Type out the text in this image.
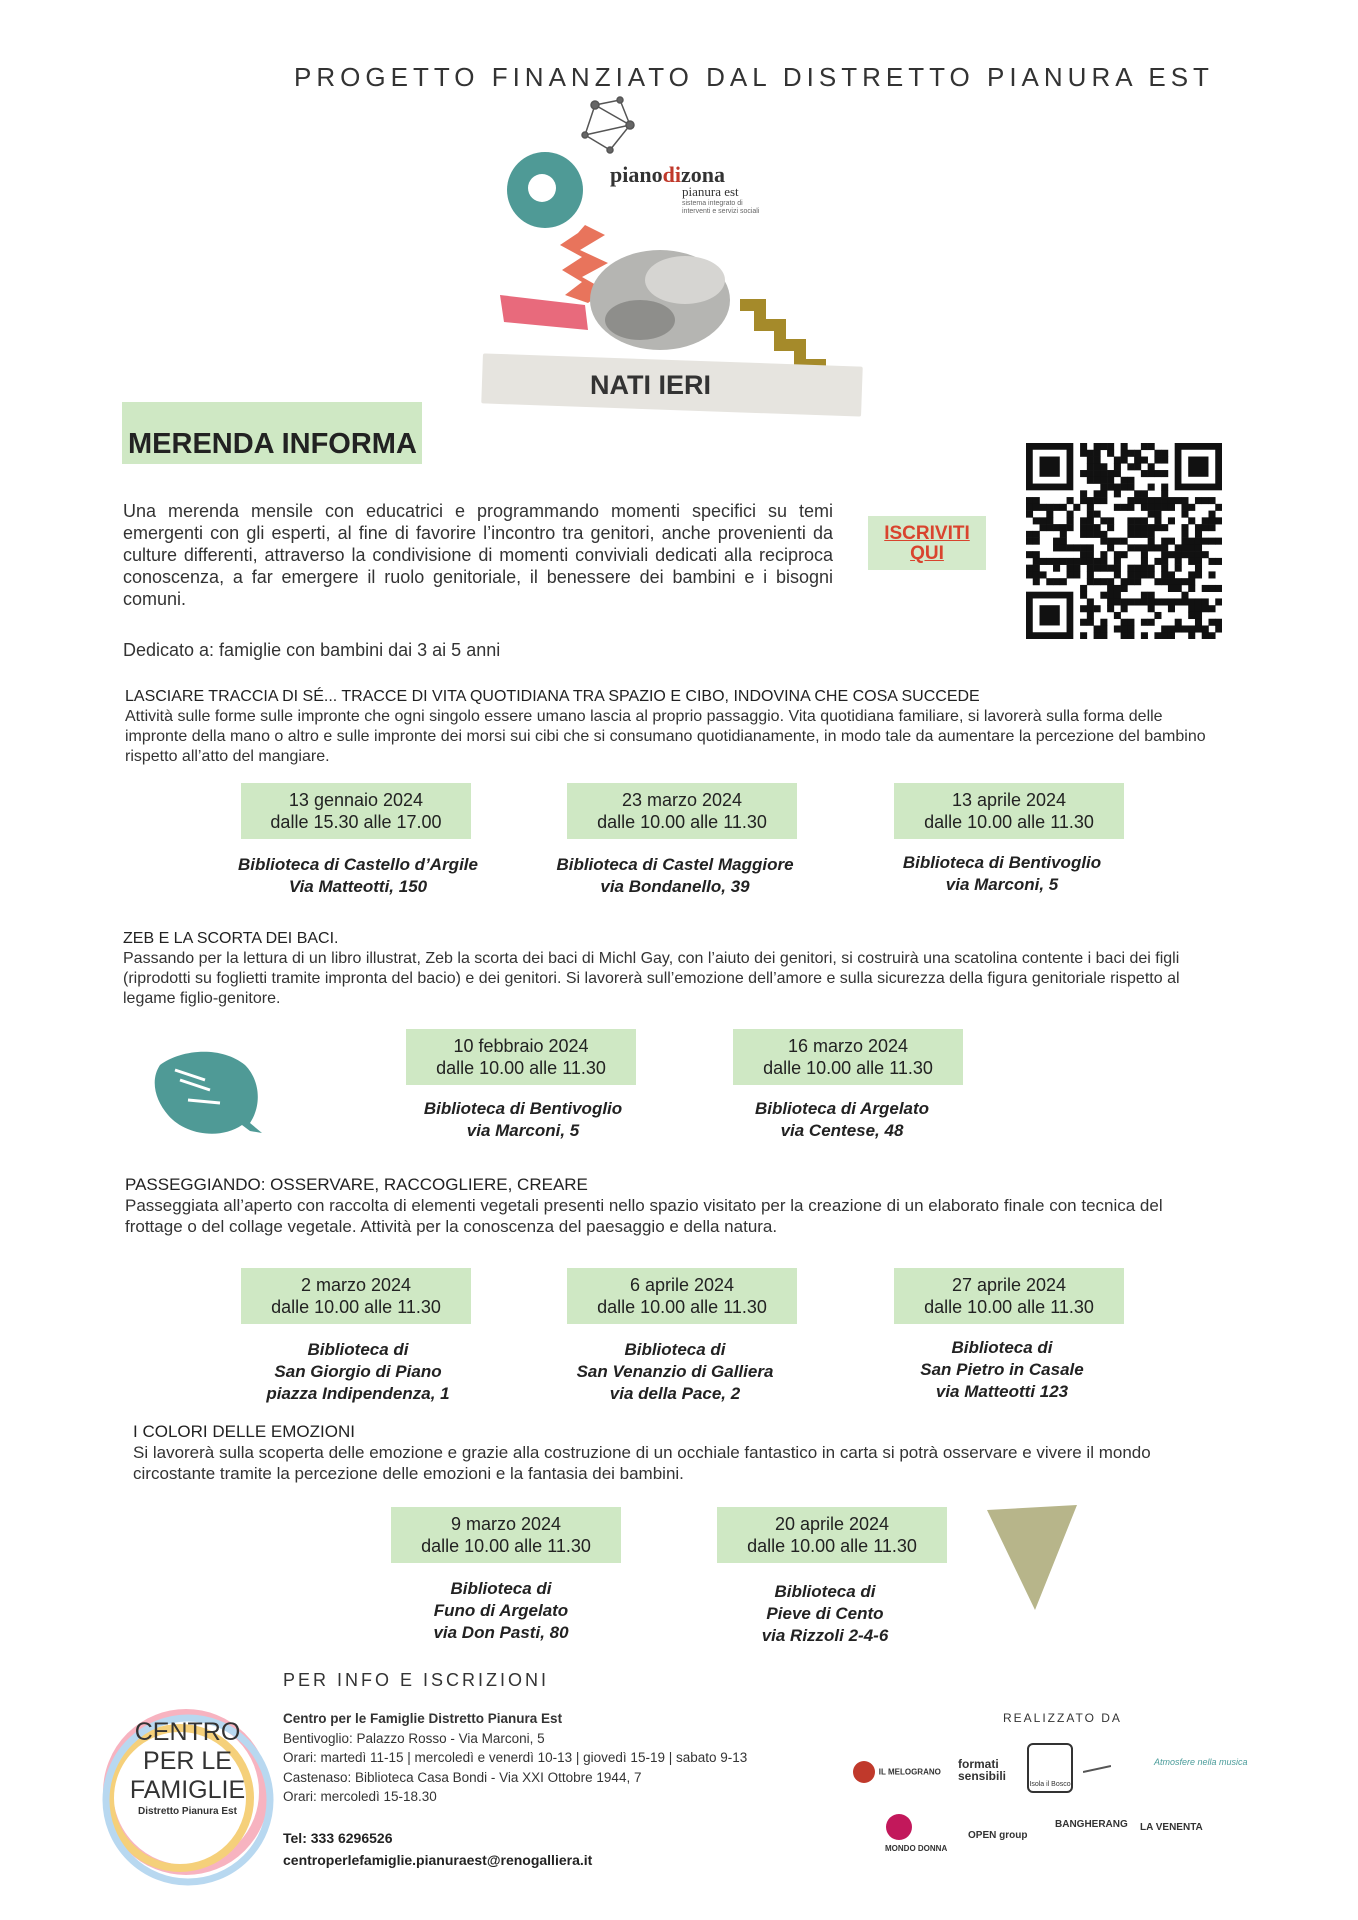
PROGETTO FINANZIATO DAL DISTRETTO PIANURA EST
pianodizona
pianura est
sistema integrato di interventi e servizi sociali
NATI IERI
MERENDA INFORMA
Una merenda mensile con educatrici e programmando momenti specifici su temi emergenti con gli esperti, al fine di favorire l’incontro tra genitori, anche provenienti da culture differenti, attraverso la condivisione di momenti conviviali dedicati alla reciproca conoscenza, a far emergere il ruolo genitoriale, il benessere dei bambini e i bisogni comuni.
Dedicato a: famiglie con bambini dai 3 ai 5 anni
ISCRIVITI
QUI
LASCIARE TRACCIA DI SÉ... TRACCE DI VITA QUOTIDIANA TRA SPAZIO E CIBO, INDOVINA CHE COSA SUCCEDE
Attività sulle forme sulle impronte che ogni singolo essere umano lascia al proprio passaggio. Vita quotidiana familiare, si lavorerà sulla forma delle impronte della mano o altro e sulle impronte dei morsi sui cibi che si consumano quotidianamente, in modo tale da aumentare la percezione del bambino rispetto all’atto del mangiare.
13 gennaio 2024
dalle 15.30 alle 17.00
23 marzo 2024
dalle 10.00 alle 11.30
13 aprile 2024
dalle 10.00 alle 11.30
Biblioteca di Castello d’Argile
Via Matteotti, 150
Biblioteca di Castel Maggiore
via Bondanello, 39
Biblioteca di Bentivoglio
via Marconi, 5
ZEB E LA SCORTA DEI BACI.
Passando per la lettura di un libro illustrat, Zeb la scorta dei baci di Michl Gay, con l’aiuto dei genitori, si costruirà una scatolina contente i baci dei figli (riprodotti su foglietti tramite impronta del bacio) e dei genitori. Si lavorerà sull’emozione dell’amore e sulla sicurezza della figura genitoriale rispetto al legame figlio-genitore.
10 febbraio 2024
dalle 10.00 alle 11.30
16 marzo 2024
dalle 10.00 alle 11.30
Biblioteca di Bentivoglio
via Marconi, 5
Biblioteca di Argelato
via Centese, 48
PASSEGGIANDO: OSSERVARE, RACCOGLIERE, CREARE
Passeggiata all’aperto con raccolta di elementi vegetali presenti nello spazio visitato per la creazione di un elaborato finale con tecnica del frottage o del collage vegetale. Attività per la conoscenza del paesaggio e della natura.
2 marzo 2024
dalle 10.00 alle 11.30
6 aprile 2024
dalle 10.00 alle 11.30
27 aprile 2024
dalle 10.00 alle 11.30
Biblioteca di
San Giorgio di Piano
piazza Indipendenza, 1
Biblioteca di
San Venanzio di Galliera
via della Pace, 2
Biblioteca di
San Pietro in Casale
via Matteotti 123
I COLORI DELLE EMOZIONI
Si lavorerà sulla scoperta delle emozione e grazie alla costruzione di un occhiale fantastico in carta si potrà osservare e vivere il mondo circostante tramite la percezione delle emozioni e la fantasia dei bambini.
9 marzo 2024
dalle 10.00 alle 11.30
20 aprile 2024
dalle 10.00 alle 11.30
Biblioteca di
Funo di Argelato
via Don Pasti, 80
Biblioteca di
Pieve di Cento
via Rizzoli 2-4-6
CENTRO
PER LE
FAMIGLIE
Distretto Pianura Est
PER INFO E ISCRIZIONI
Centro per le Famiglie Distretto Pianura Est
Bentivoglio: Palazzo Rosso - Via Marconi, 5
Orari: martedì 11-15 | mercoledì e venerdì 10-13 | giovedì 15-19 | sabato 9-13
Castenaso: Biblioteca Casa Bondi - Via XXI Ottobre 1944, 7
Orari: mercoledì 15-18.30
Tel: 333 6296526
centroperlefamiglie.pianuraest@renogalliera.it
REALIZZATO DA
IL MELOGRANO
formati sensibili
Isola il Bosco
Atmosfere nella musica
MONDO DONNA
OPEN group
BANGHERANG LA VENENTA
